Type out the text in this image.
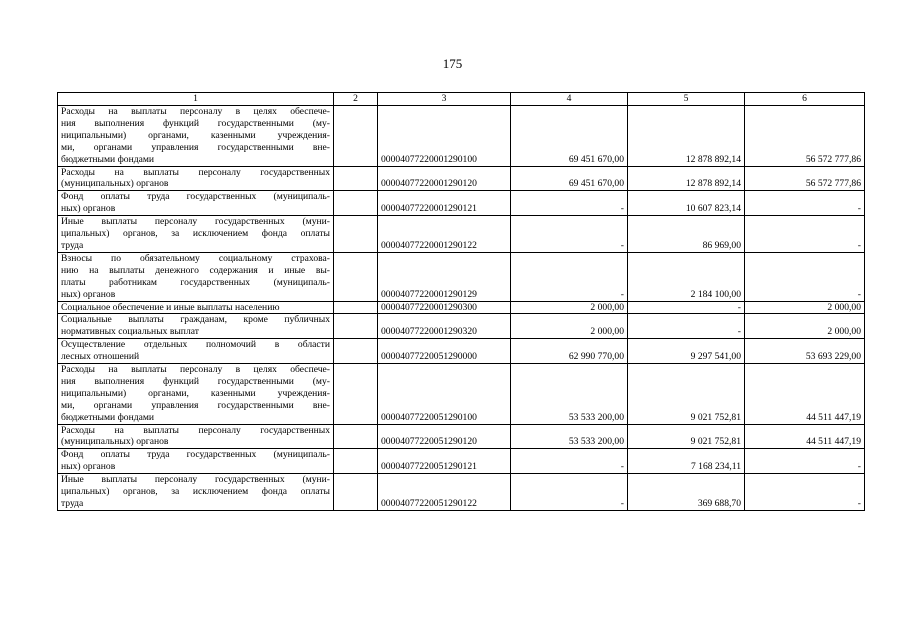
175
1	2	3	4	5	6

Расходы на выплаты персоналу в целях обеспече-
ния выполнения функций государственными (му-
ниципальными) органами, казенными учреждения-
ми, органами управления государственными вне-
бюджетными фондами		00004077220001290100	69 451 670,00	12 878 892,14	56 572 777,86

Расходы на выплаты персоналу государственных
(муниципальных) органов		00004077220001290120	69 451 670,00	12 878 892,14	56 572 777,86

Фонд оплаты труда государственных (муниципаль-
ных) органов		00004077220001290121	-	10 607 823,14	-

Иные выплаты персоналу государственных (муни-
ципальных) органов, за исключением фонда оплаты
труда		00004077220001290122	-	86 969,00	-

Взносы по обязательному социальному страхова-
нию на выплаты денежного содержания и иные вы-
платы работникам государственных (муниципаль-
ных) органов		00004077220001290129	-	2 184 100,00	-

Социальное обеспечение и иные выплаты населению		00004077220001290300	2 000,00	-	2 000,00

Социальные выплаты гражданам, кроме публичных
нормативных социальных выплат		00004077220001290320	2 000,00	-	2 000,00

Осуществление отдельных полномочий в области
лесных отношений		00004077220051290000	62 990 770,00	9 297 541,00	53 693 229,00

Расходы на выплаты персоналу в целях обеспече-
ния выполнения функций государственными (му-
ниципальными) органами, казенными учреждения-
ми, органами управления государственными вне-
бюджетными фондами		00004077220051290100	53 533 200,00	9 021 752,81	44 511 447,19

Расходы на выплаты персоналу государственных
(муниципальных) органов		00004077220051290120	53 533 200,00	9 021 752,81	44 511 447,19

Фонд оплаты труда государственных (муниципаль-
ных) органов		00004077220051290121	-	7 168 234,11	-

Иные выплаты персоналу государственных (муни-
ципальных) органов, за исключением фонда оплаты
труда		00004077220051290122	-	369 688,70	-
